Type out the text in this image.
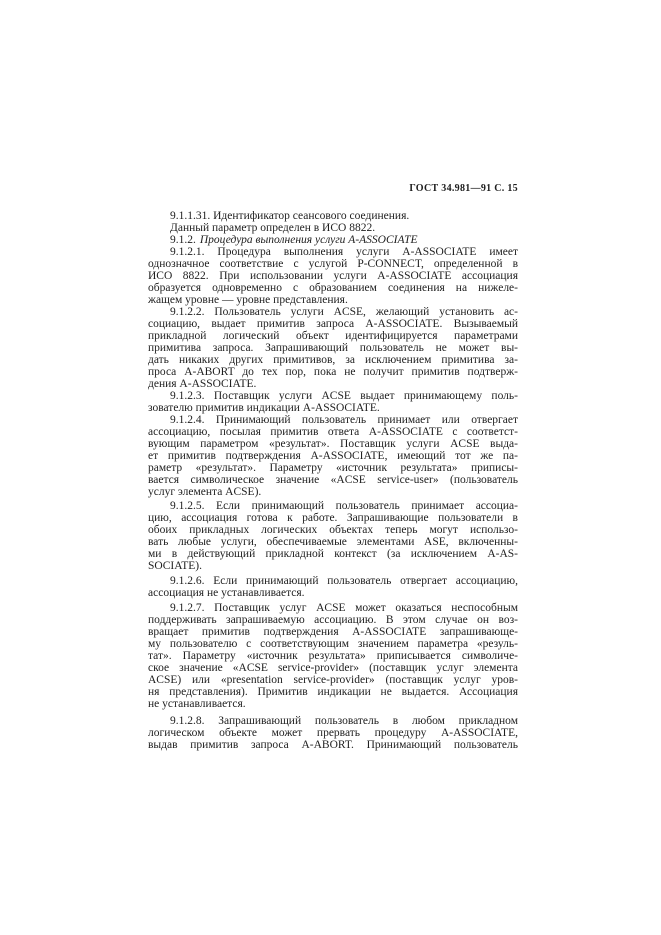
ГОСТ 34.981—91 С. 15
9.1.1.31. Идентификатор сеансового соединения.
Данный параметр определен в ИСО 8822.
9.1.2. Процедура выполнения услуги A-ASSOCIATE
9.1.2.1. Процедура выполнения услуги A-ASSOCIATE имеет
однозначное соответствие с услугой P-CONNECT, определенной в
ИСО 8822. При использовании услуги A-ASSOCIATE ассоциация
образуется одновременно с образованием соединения на нижеле-
жащем уровне — уровне представления.
9.1.2.2. Пользователь услуги ACSE, желающий установить ас-
социацию, выдает примитив запроса A-ASSOCIATE. Вызываемый
прикладной логический объект идентифицируется параметрами
примитива запроса. Запрашивающий пользователь не может вы-
дать никаких других примитивов, за исключением примитива за-
проса A-ABORT до тех пор, пока не получит примитив подтверж-
дения A-ASSOCIATE.
9.1.2.3. Поставщик услуги ACSE выдает принимающему поль-
зователю примитив индикации A-ASSOCIATE.
9.1.2.4. Принимающий пользователь принимает или отвергает
ассоциацию, посылая примитив ответа A-ASSOCIATE с соответст-
вующим параметром «результат». Поставщик услуги ACSE выда-
ет примитив подтверждения A-ASSOCIATE, имеющий тот же па-
раметр «результат». Параметру «источник результата» приписы-
вается символическое значение «ACSE service-user» (пользователь
услуг элемента ACSE).
9.1.2.5. Если принимающий пользователь принимает ассоциа-
цию, ассоциация готова к работе. Запрашивающие пользователи в
обоих прикладных логических объектах теперь могут использо-
вать любые услуги, обеспечиваемые элементами ASE, включенны-
ми в действующий прикладной контекст (за исключением A-AS-
SOCIATE).
9.1.2.6. Если принимающий пользователь отвергает ассоциацию,
ассоциация не устанавливается.
9.1.2.7. Поставщик услуг ACSE может оказаться неспособным
поддерживать запрашиваемую ассоциацию. В этом случае он воз-
вращает примитив подтверждения A-ASSOCIATE запрашивающе-
му пользователю с соответствующим значением параметра «резуль-
тат». Параметру «источник результата» приписывается символиче-
ское значение «ACSE service-provider» (поставщик услуг элемента
ACSE) или «presentation service-provider» (поставщик услуг уров-
ня представления). Примитив индикации не выдается. Ассоциация
не устанавливается.
9.1.2.8. Запрашивающий пользователь в любом прикладном
логическом объекте может прервать процедуру A-ASSOCIATE,
выдав примитив запроса A-ABORT. Принимающий пользователь
